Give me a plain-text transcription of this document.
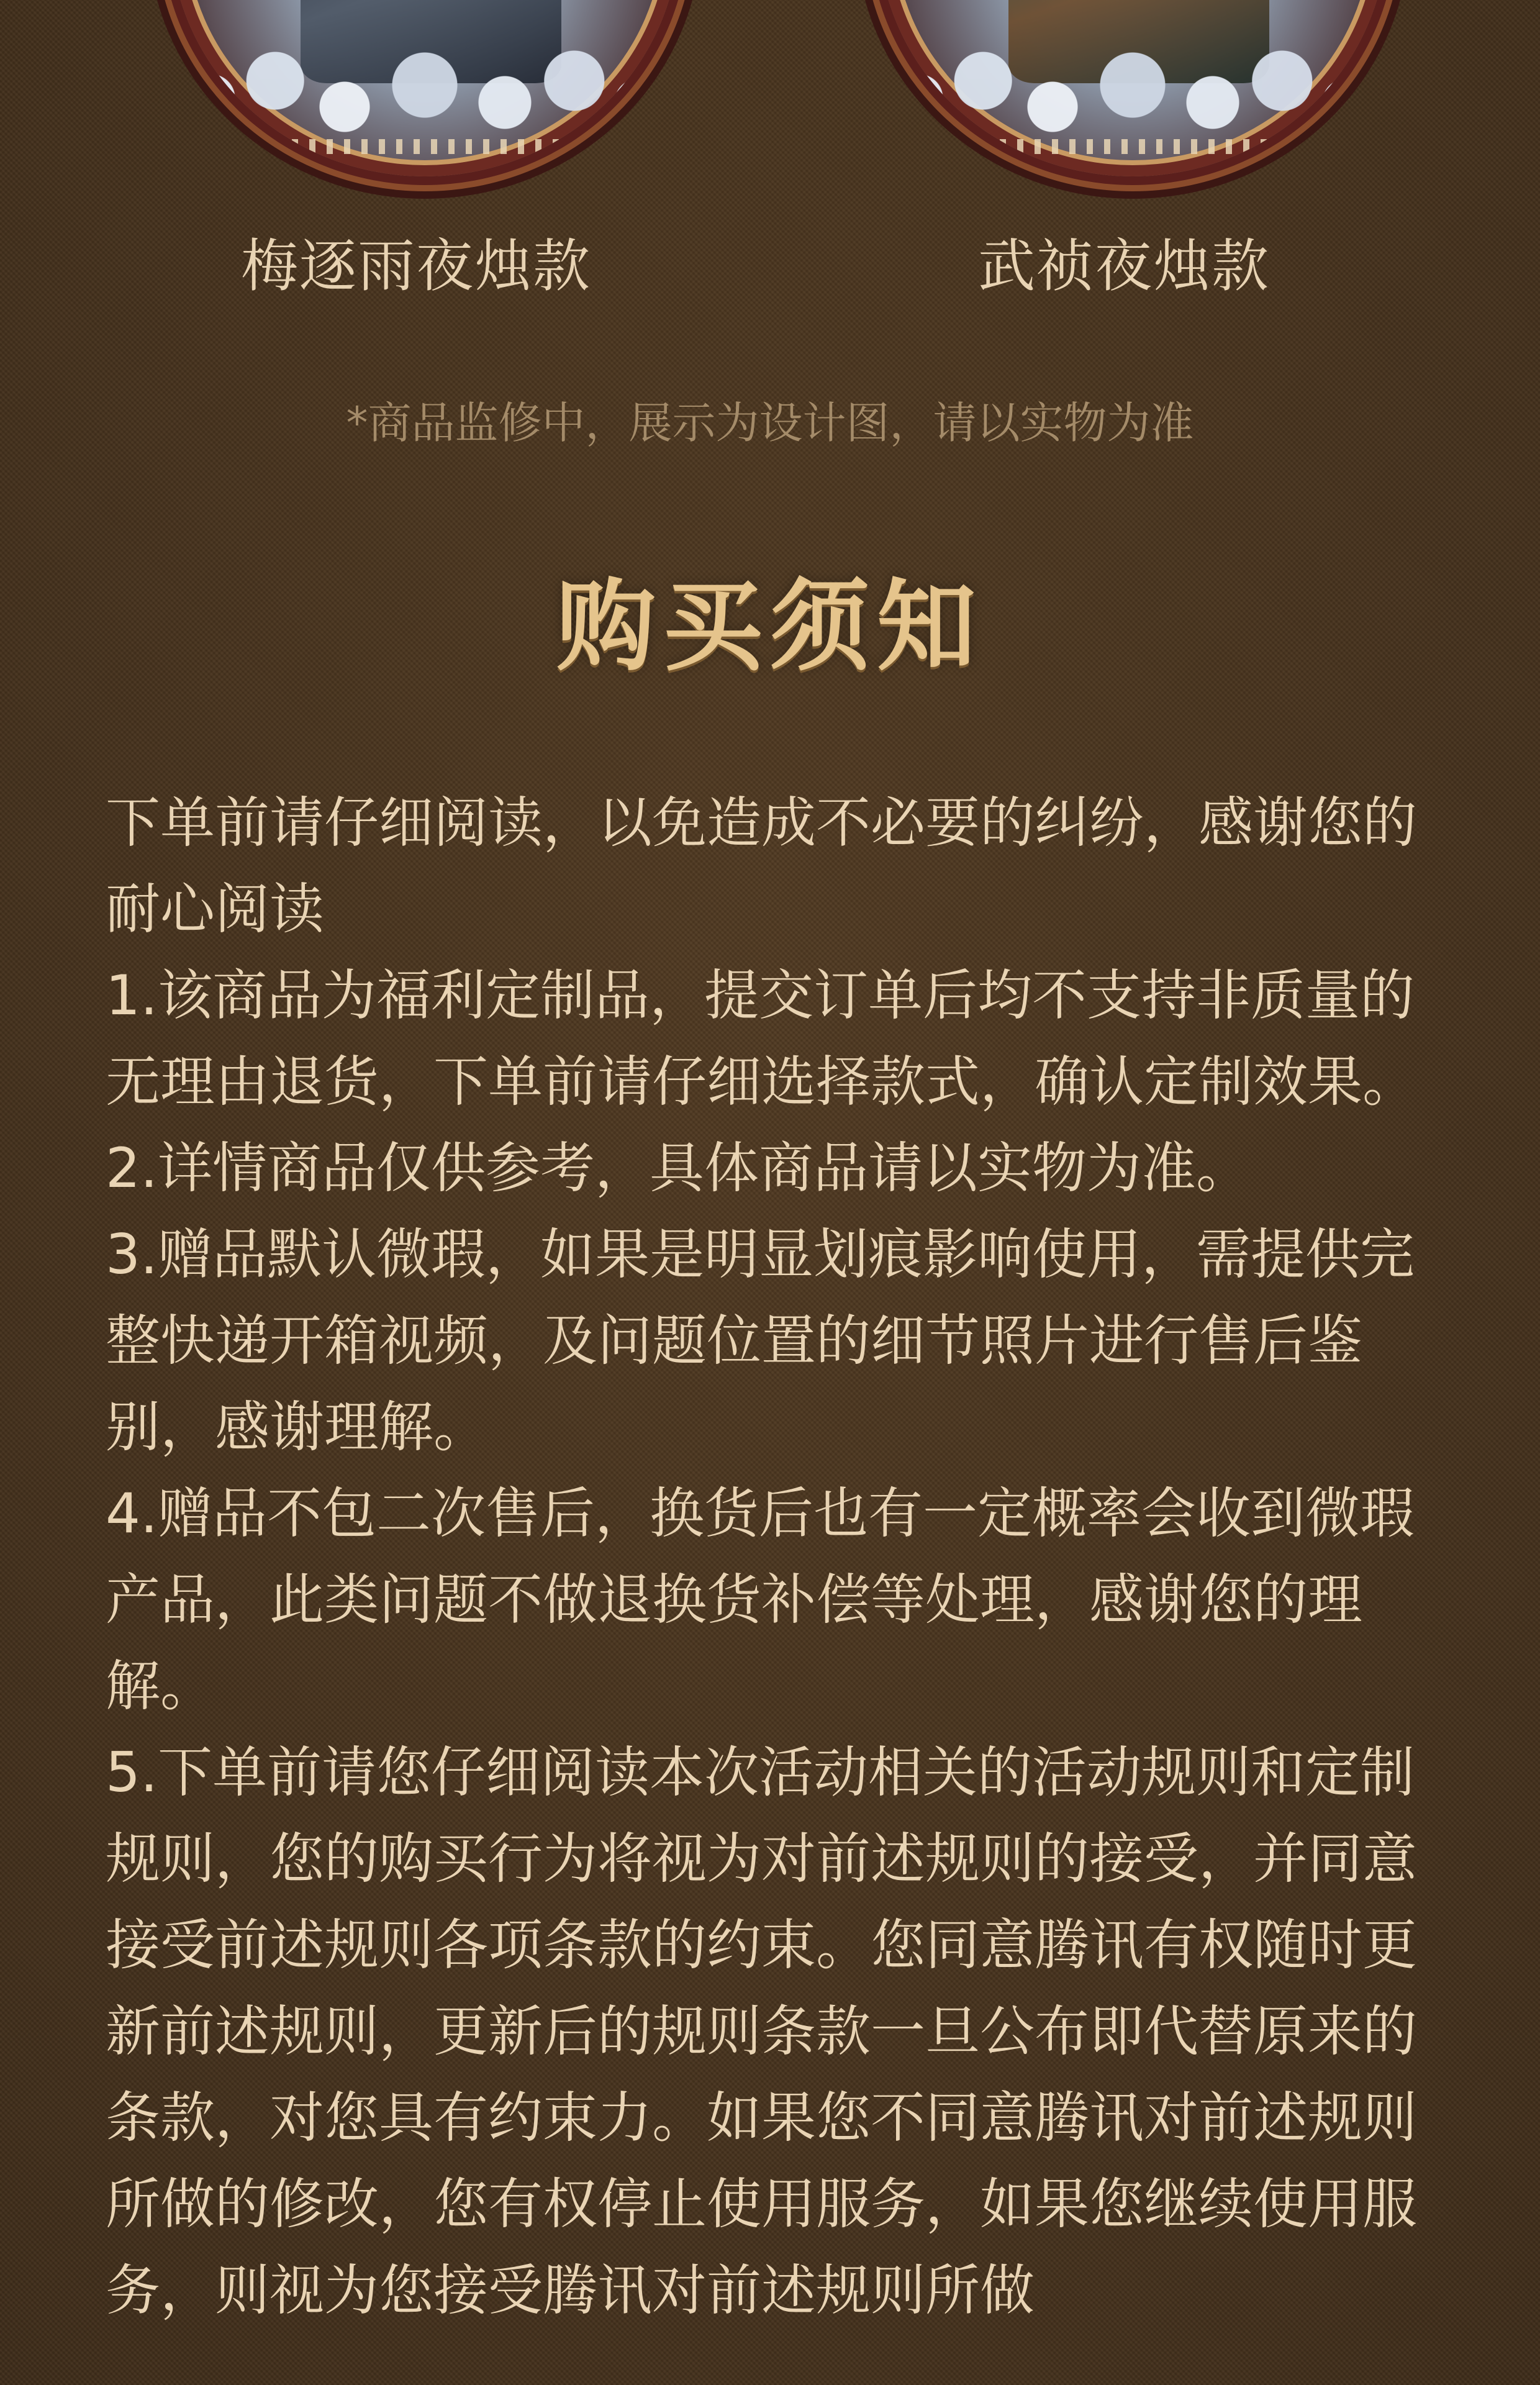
梅逐雨夜烛款	武祯夜烛款
*商品监修中，展示为设计图，请以实物为准
购买须知

下单前请仔细阅读，以免造成不必要的纠纷，感谢您的耐心阅读

1.该商品为福利定制品，提交订单后均不支持非质量的无理由退货，下单前请仔细选择款式，确认定制效果。

2.详情商品仅供参考，具体商品请以实物为准。

3.赠品默认微瑕，如果是明显划痕影响使用，需提供完整快递开箱视频，及问题位置的细节照片进行售后鉴别，感谢理解。

4.赠品不包二次售后，换货后也有一定概率会收到微瑕产品，此类问题不做退换货补偿等处理，感谢您的理解。

5.下单前请您仔细阅读本次活动相关的活动规则和定制规则，您的购买行为将视为对前述规则的接受，并同意接受前述规则各项条款的约束。您同意腾讯有权随时更新前述规则，更新后的规则条款一旦公布即代替原来的条款，对您具有约束力。如果您不同意腾讯对前述规则所做的修改，您有权停止使用服务，如果您继续使用服务，则视为您接受腾讯对前述规则所做
